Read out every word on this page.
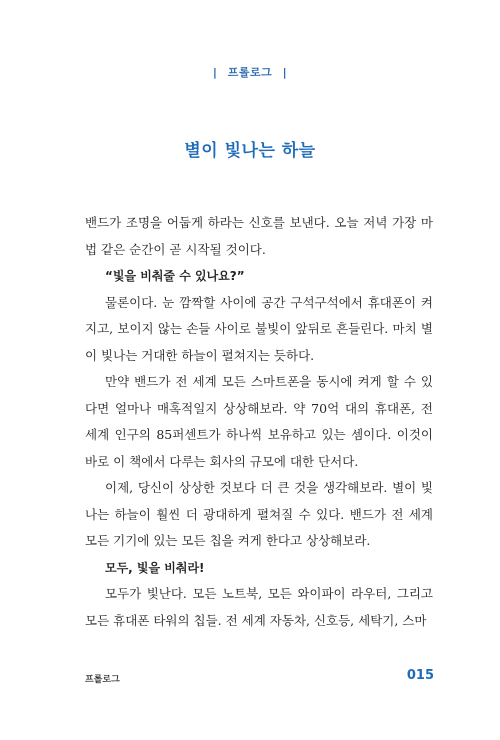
| 프롤로그 |
별이 빛나는 하늘

밴드가 조명을 어둡게 하라는 신호를 보낸다. 오늘 저녁 가장 마법 같은 순간이 곧 시작될 것이다.

“빛을 비춰줄 수 있나요?”

물론이다. 눈 깜짝할 사이에 공간 구석구석에서 휴대폰이 켜지고, 보이지 않는 손들 사이로 불빛이 앞뒤로 흔들린다. 마치 별이 빛나는 거대한 하늘이 펼쳐지는 듯하다.

만약 밴드가 전 세계 모든 스마트폰을 동시에 켜게 할 수 있다면 얼마나 매혹적일지 상상해보라. 약 70억 대의 휴대폰, 전 세계 인구의 85퍼센트가 하나씩 보유하고 있는 셈이다. 이것이 바로 이 책에서 다루는 회사의 규모에 대한 단서다.

이제, 당신이 상상한 것보다 더 큰 것을 생각해보라. 별이 빛나는 하늘이 훨씬 더 광대하게 펼쳐질 수 있다. 밴드가 전 세계 모든 기기에 있는 모든 칩을 켜게 한다고 상상해보라.

모두, 빛을 비춰라!

모두가 빛난다. 모든 노트북, 모든 와이파이 라우터, 그리고 모든 휴대폰 타워의 칩들. 전 세계 자동차, 신호등, 세탁기, 스마

프롤로그	015
